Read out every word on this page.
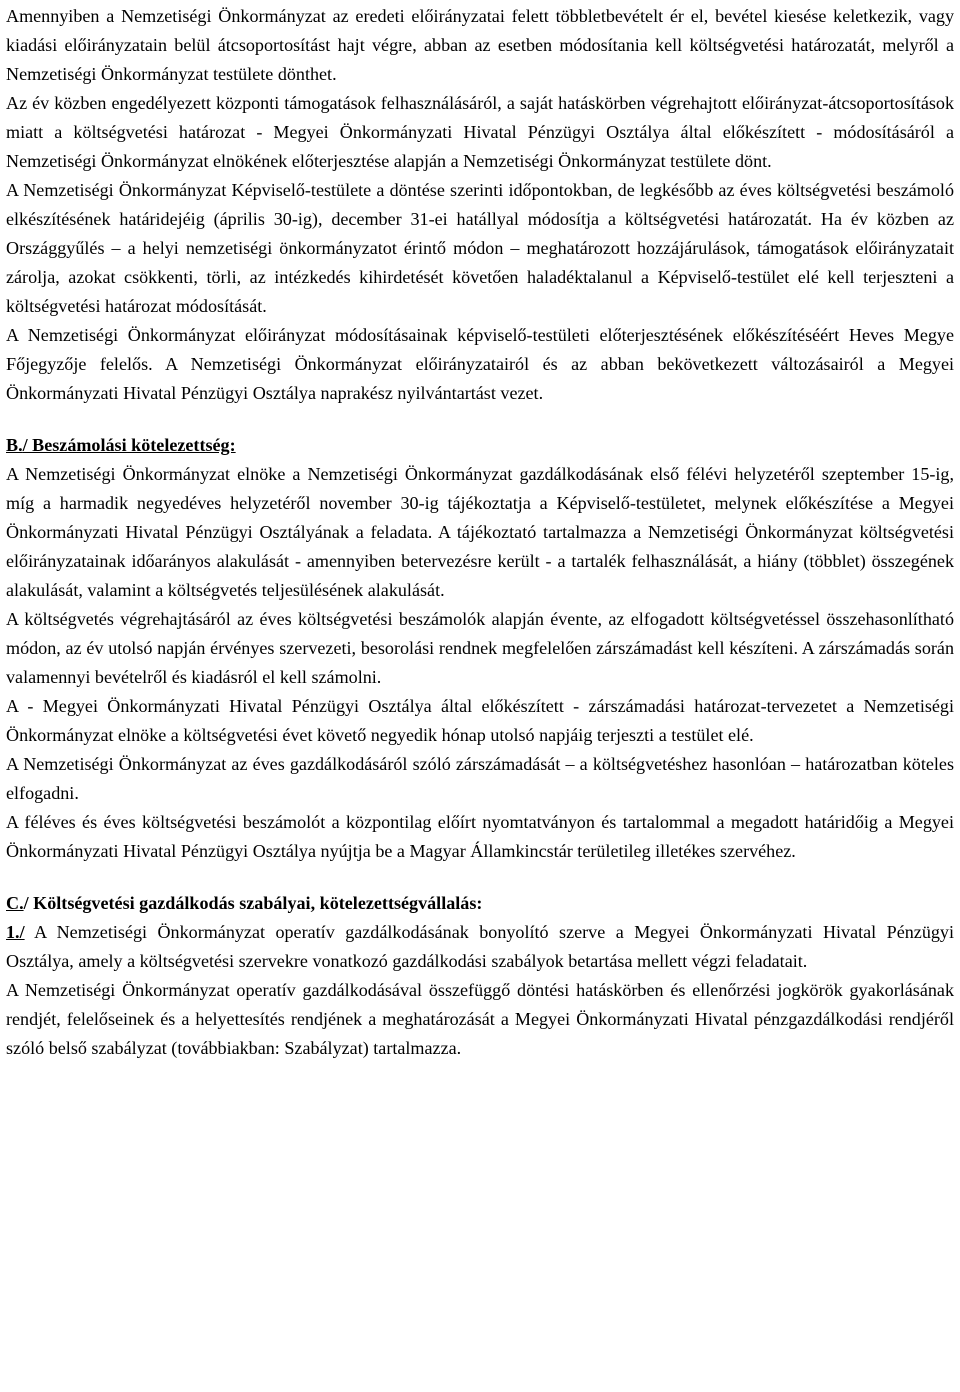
Amennyiben a Nemzetiségi Önkormányzat az eredeti előirányzatai felett többletbevételt ér el, bevétel kiesése keletkezik, vagy kiadási előirányzatain belül átcsoportosítást hajt végre, abban az esetben módosítania kell költségvetési határozatát, melyről a Nemzetiségi Önkormányzat testülete dönthet.

Az év közben engedélyezett központi támogatások felhasználásáról, a saját hatáskörben végrehajtott előirányzat-átcsoportosítások miatt a költségvetési határozat - Megyei Önkormányzati Hivatal Pénzügyi Osztálya által előkészített - módosításáról a Nemzetiségi Önkormányzat elnökének előterjesztése alapján a Nemzetiségi Önkormányzat testülete dönt.

A Nemzetiségi Önkormányzat Képviselő-testülete a döntése szerinti időpontokban, de legkésőbb az éves költségvetési beszámoló elkészítésének határidejéig (április 30-ig), december 31-ei hatállyal módosítja a költségvetési határozatát. Ha év közben az Országgyűlés – a helyi nemzetiségi önkormányzatot érintő módon – meghatározott hozzájárulások, támogatások előirányzatait zárolja, azokat csökkenti, törli, az intézkedés kihirdetését követően haladéktalanul a Képviselő-testület elé kell terjeszteni a költségvetési határozat módosítását.

A Nemzetiségi Önkormányzat előirányzat módosításainak képviselő-testületi előterjesztésének előkészítéséért Heves Megye Főjegyzője felelős. A Nemzetiségi Önkormányzat előirányzatairól és az abban bekövetkezett változásairól a Megyei Önkormányzati Hivatal Pénzügyi Osztálya naprakész nyilvántartást vezet.

B./ Beszámolási kötelezettség:

A Nemzetiségi Önkormányzat elnöke a Nemzetiségi Önkormányzat gazdálkodásának első félévi helyzetéről szeptember 15-ig, míg a harmadik negyedéves helyzetéről november 30-ig tájékoztatja a Képviselő-testületet, melynek előkészítése a Megyei Önkormányzati Hivatal Pénzügyi Osztályának a feladata. A tájékoztató tartalmazza a Nemzetiségi Önkormányzat költségvetési előirányzatainak időarányos alakulását - amennyiben betervezésre került - a tartalék felhasználását, a hiány (többlet) összegének alakulását, valamint a költségvetés teljesülésének alakulását.

A költségvetés végrehajtásáról az éves költségvetési beszámolók alapján évente, az elfogadott költségvetéssel összehasonlítható módon, az év utolsó napján érvényes szervezeti, besorolási rendnek megfelelően zárszámadást kell készíteni. A zárszámadás során valamennyi bevételről és kiadásról el kell számolni.

A - Megyei Önkormányzati Hivatal Pénzügyi Osztálya által előkészített - zárszámadási határozat-tervezetet a Nemzetiségi Önkormányzat elnöke a költségvetési évet követő negyedik hónap utolsó napjáig terjeszti a testület elé.

A Nemzetiségi Önkormányzat az éves gazdálkodásáról szóló zárszámadását – a költségvetéshez hasonlóan – határozatban köteles elfogadni.

A féléves és éves költségvetési beszámolót a központilag előírt nyomtatványon és tartalommal a megadott határidőig a Megyei Önkormányzati Hivatal Pénzügyi Osztálya nyújtja be a Magyar Államkincstár területileg illetékes szervéhez.

C./ Költségvetési gazdálkodás szabályai, kötelezettségvállalás:

1./ A Nemzetiségi Önkormányzat operatív gazdálkodásának bonyolító szerve a Megyei Önkormányzati Hivatal Pénzügyi Osztálya, amely a költségvetési szervekre vonatkozó gazdálkodási szabályok betartása mellett végzi feladatait.

A Nemzetiségi Önkormányzat operatív gazdálkodásával összefüggő döntési hatáskörben és ellenőrzési jogkörök gyakorlásának rendjét, felelőseinek és a helyettesítés rendjének a meghatározását a Megyei Önkormányzati Hivatal pénzgazdálkodási rendjéről szóló belső szabályzat (továbbiakban: Szabályzat) tartalmazza.
